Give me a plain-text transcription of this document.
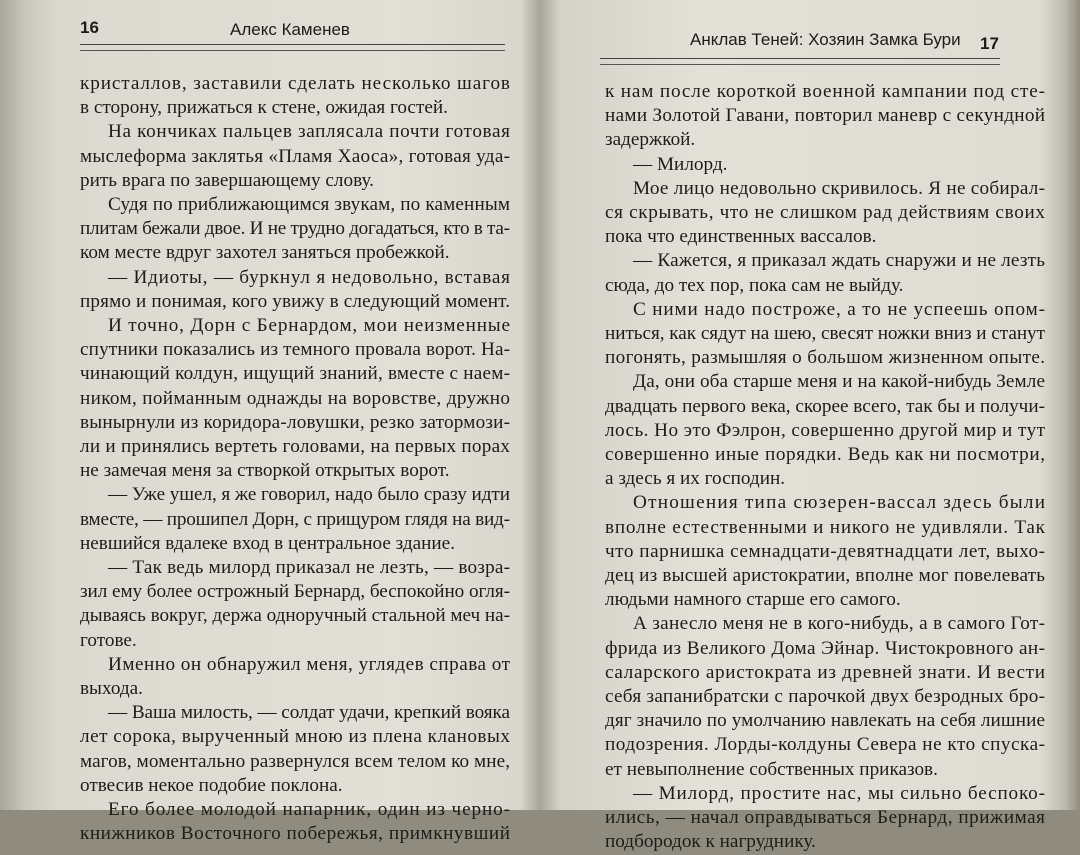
16	Алекс Каменев
кристаллов, заставили сделать несколько шагов
в сторону, прижаться к стене, ожидая гостей.
На кончиках пальцев заплясала почти готовая
мыслеформа заклятья «Пламя Хаоса», готовая уда-
рить врага по завершающему слову.
Судя по приближающимся звукам, по каменным
плитам бежали двое. И не трудно догадаться, кто в та-
ком месте вдруг захотел заняться пробежкой.
— Идиоты, — буркнул я недовольно, вставая
прямо и понимая, кого увижу в следующий момент.
И точно, Дорн с Бернардом, мои неизменные
спутники показались из темного провала ворот. На-
чинающий колдун, ищущий знаний, вместе с наем-
ником, пойманным однажды на воровстве, дружно
вынырнули из коридора-ловушки, резко затормози-
ли и принялись вертеть головами, на первых порах
не замечая меня за створкой открытых ворот.
— Уже ушел, я же говорил, надо было сразу идти
вместе, — прошипел Дорн, с прищуром глядя на вид-
невшийся вдалеке вход в центральное здание.
— Так ведь милорд приказал не лезть, — возра-
зил ему более острожный Бернард, беспокойно огля-
дываясь вокруг, держа одноручный стальной меч на-
готове.
Именно он обнаружил меня, углядев справа от
выхода.
— Ваша милость, — солдат удачи, крепкий вояка
лет сорока, вырученный мною из плена клановых
магов, моментально развернулся всем телом ко мне,
отвесив некое подобие поклона.
Его более молодой напарник, один из черно-
книжников Восточного побережья, примкнувший
Анклав Теней: Хозяин Замка Бури 17
к нам после короткой военной кампании под сте-
нами Золотой Гавани, повторил маневр с секундной
задержкой.
— Милорд.
Мое лицо недовольно скривилось. Я не собирал-
ся скрывать, что не слишком рад действиям своих
пока что единственных вассалов.
— Кажется, я приказал ждать снаружи и не лезть
сюда, до тех пор, пока сам не выйду.
С ними надо построже, а то не успеешь опом-
ниться, как сядут на шею, свесят ножки вниз и станут
погонять, размышляя о большом жизненном опыте.
Да, они оба старше меня и на какой-нибудь Земле
двадцать первого века, скорее всего, так бы и получи-
лось. Но это Фэлрон, совершенно другой мир и тут
совершенно иные порядки. Ведь как ни посмотри,
а здесь я их господин.
Отношения типа сюзерен-вассал здесь были
вполне естественными и никого не удивляли. Так
что парнишка семнадцати-девятнадцати лет, выхо-
дец из высшей аристократии, вполне мог повелевать
людьми намного старше его самого.
А занесло меня не в кого-нибудь, а в самого Гот-
фрида из Великого Дома Эйнар. Чистокровного ан-
саларского аристократа из древней знати. И вести
себя запанибратски с парочкой двух безродных бро-
дяг значило по умолчанию навлекать на себя лишние
подозрения. Лорды-колдуны Севера не кто спуска-
ет невыполнение собственных приказов.
— Милорд, простите нас, мы сильно беспоко-
ились, — начал оправдываться Бернард, прижимая
подбородок к нагруднику.
